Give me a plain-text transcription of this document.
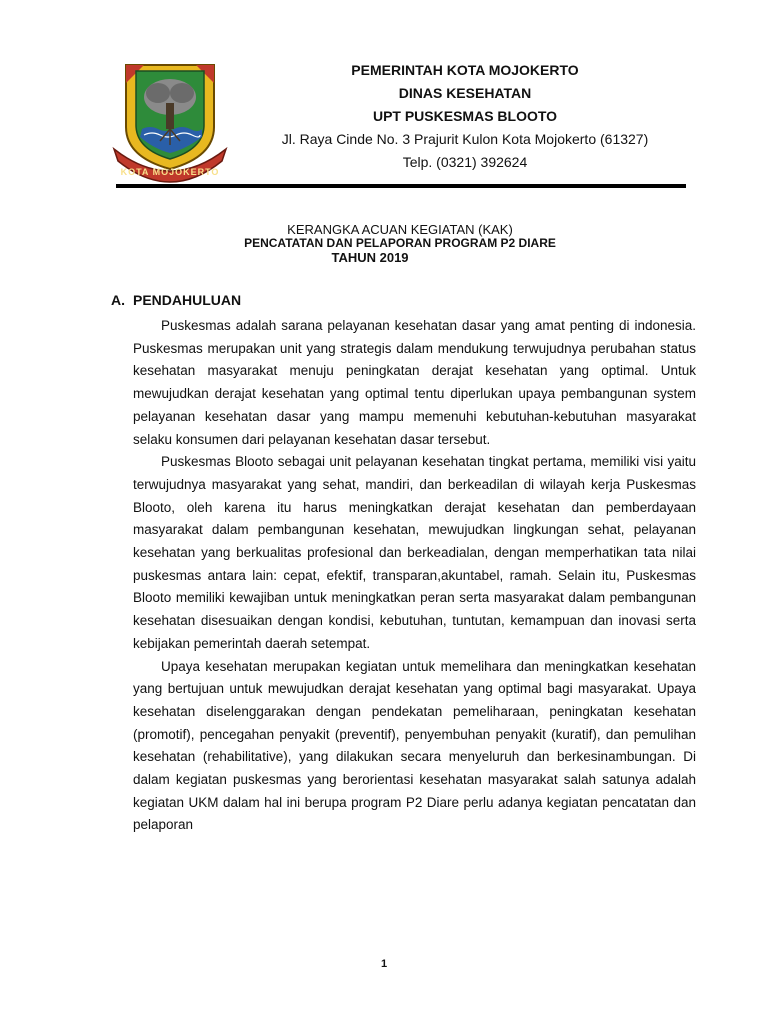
KOTA MOJOKERTO
PEMERINTAH KOTA MOJOKERTO
DINAS KESEHATAN
UPT PUSKESMAS BLOOTO
Jl. Raya Cinde No. 3 Prajurit Kulon Kota Mojokerto (61327)
Telp. (0321) 392624
KERANGKA ACUAN KEGIATAN (KAK)
PENCATATAN DAN PELAPORAN PROGRAM P2 DIARE
TAHUN 2019
A. PENDAHULUAN

Puskesmas adalah sarana pelayanan kesehatan dasar yang amat penting di indonesia. Puskesmas merupakan unit yang strategis dalam mendukung terwujudnya perubahan status kesehatan masyarakat menuju peningkatan derajat kesehatan yang optimal. Untuk mewujudkan derajat kesehatan yang optimal tentu diperlukan upaya pembangunan system pelayanan kesehatan dasar yang mampu memenuhi kebutuhan-kebutuhan masyarakat selaku konsumen dari pelayanan kesehatan dasar tersebut.

Puskesmas Blooto sebagai unit pelayanan kesehatan tingkat pertama, memiliki visi yaitu terwujudnya masyarakat yang sehat, mandiri, dan berkeadilan di wilayah kerja Puskesmas Blooto, oleh karena itu harus meningkatkan derajat kesehatan dan pemberdayaan masyarakat dalam pembangunan kesehatan, mewujudkan lingkungan sehat, pelayanan kesehatan yang berkualitas profesional dan berkeadialan, dengan memperhatikan tata nilai puskesmas antara lain: cepat, efektif, transparan,akuntabel, ramah. Selain itu, Puskesmas Blooto memiliki kewajiban untuk meningkatkan peran serta masyarakat dalam pembangunan kesehatan disesuaikan dengan kondisi, kebutuhan, tuntutan, kemampuan dan inovasi serta kebijakan pemerintah daerah setempat.

Upaya kesehatan merupakan kegiatan untuk memelihara dan meningkatkan kesehatan yang bertujuan untuk mewujudkan derajat kesehatan yang optimal bagi masyarakat. Upaya kesehatan diselenggarakan dengan pendekatan pemeliharaan, peningkatan kesehatan (promotif), pencegahan penyakit (preventif), penyembuhan penyakit (kuratif), dan pemulihan kesehatan (rehabilitative), yang dilakukan secara menyeluruh dan berkesinambungan. Di dalam kegiatan puskesmas yang berorientasi kesehatan masyarakat salah satunya adalah kegiatan UKM dalam hal ini berupa program P2 Diare perlu adanya kegiatan pencatatan dan pelaporan

1
